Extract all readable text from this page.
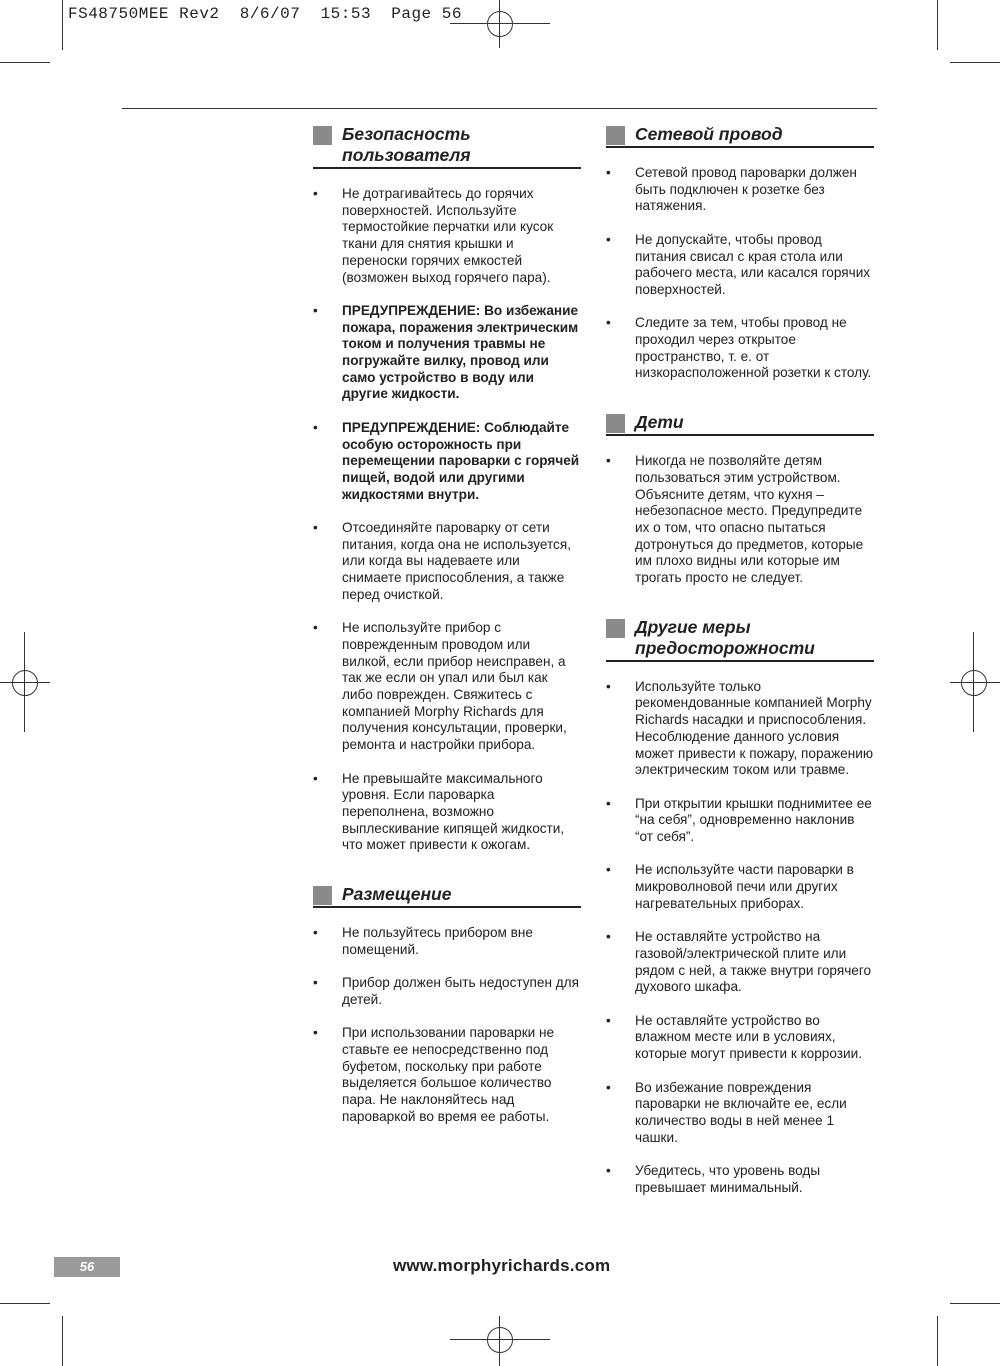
FS48750MEE Rev2  8/6/07  15:53  Page 56
Безопасность пользователя
• Не дотрагивайтесь до горячих поверхностей. Используйте термостойкие перчатки или кусок ткани для снятия крышки и переноски горячих емкостей (возможен выход горячего пара).
• ПРЕДУПРЕЖДЕНИЕ: Во избежание пожара, поражения электрическим током и получения травмы не погружайте вилку, провод или само устройство в воду или другие жидкости.
• ПРЕДУПРЕЖДЕНИЕ: Соблюдайте особую осторожность при перемещении пароварки с горячей пищей, водой или другими жидкостями внутри.
• Отсоединяйте пароварку от сети питания, когда она не используется, или когда вы надеваете или снимаете приспособления, а также перед очисткой.
• Не используйте прибор с поврежденным проводом или вилкой, если прибор неисправен, а так же если он упал или был как либо поврежден. Свяжитесь с компанией Morphy Richards для получения консультации, проверки, ремонта и настройки прибора.
• Не превышайте максимального уровня. Если пароварка переполнена, возможно выплескивание кипящей жидкости, что может привести к ожогам.
Размещение
• Не пользуйтесь прибором вне помещений.
• Прибор должен быть недоступен для детей.
• При использовании пароварки не ставьте ее непосредственно под буфетом, поскольку при работе выделяется большое количество пара. Не наклоняйтесь над пароваркой во время ее работы.
Сетевой провод
• Сетевой провод пароварки должен быть подключен к розетке без натяжения.
• Не допускайте, чтобы провод питания свисал с края стола или рабочего места, или касался горячих поверхностей.
• Следите за тем, чтобы провод не проходил через открытое пространство, т. е. от низкорасположенной розетки к столу.
Дети
• Никогда не позволяйте детям пользоваться этим устройством. Объясните детям, что кухня – небезопасное место. Предупредите их о том, что опасно пытаться дотронуться до предметов, которые им плохо видны или которые им трогать просто не следует.
Другие меры предосторожности
• Используйте только рекомендованные компанией Morphy Richards насадки и приспособления. Несоблюдение данного условия может привести к пожару, поражению электрическим током или травме.
• При открытии крышки поднимитее ее “на себя”, одновременно наклонив “от себя”.
• Не используйте части пароварки в микроволновой печи или других нагревательных приборах.
• Не оставляйте устройство на газовой/электрической плите или рядом с ней, а также внутри горячего духового шкафа.
• Не оставляйте устройство во влажном месте или в условиях, которые могут привести к коррозии.
• Во избежание повреждения пароварки не включайте ее, если количество воды в ней менее 1 чашки.
• Убедитесь, что уровень воды превышает минимальный.
56	www.morphyrichards.com
